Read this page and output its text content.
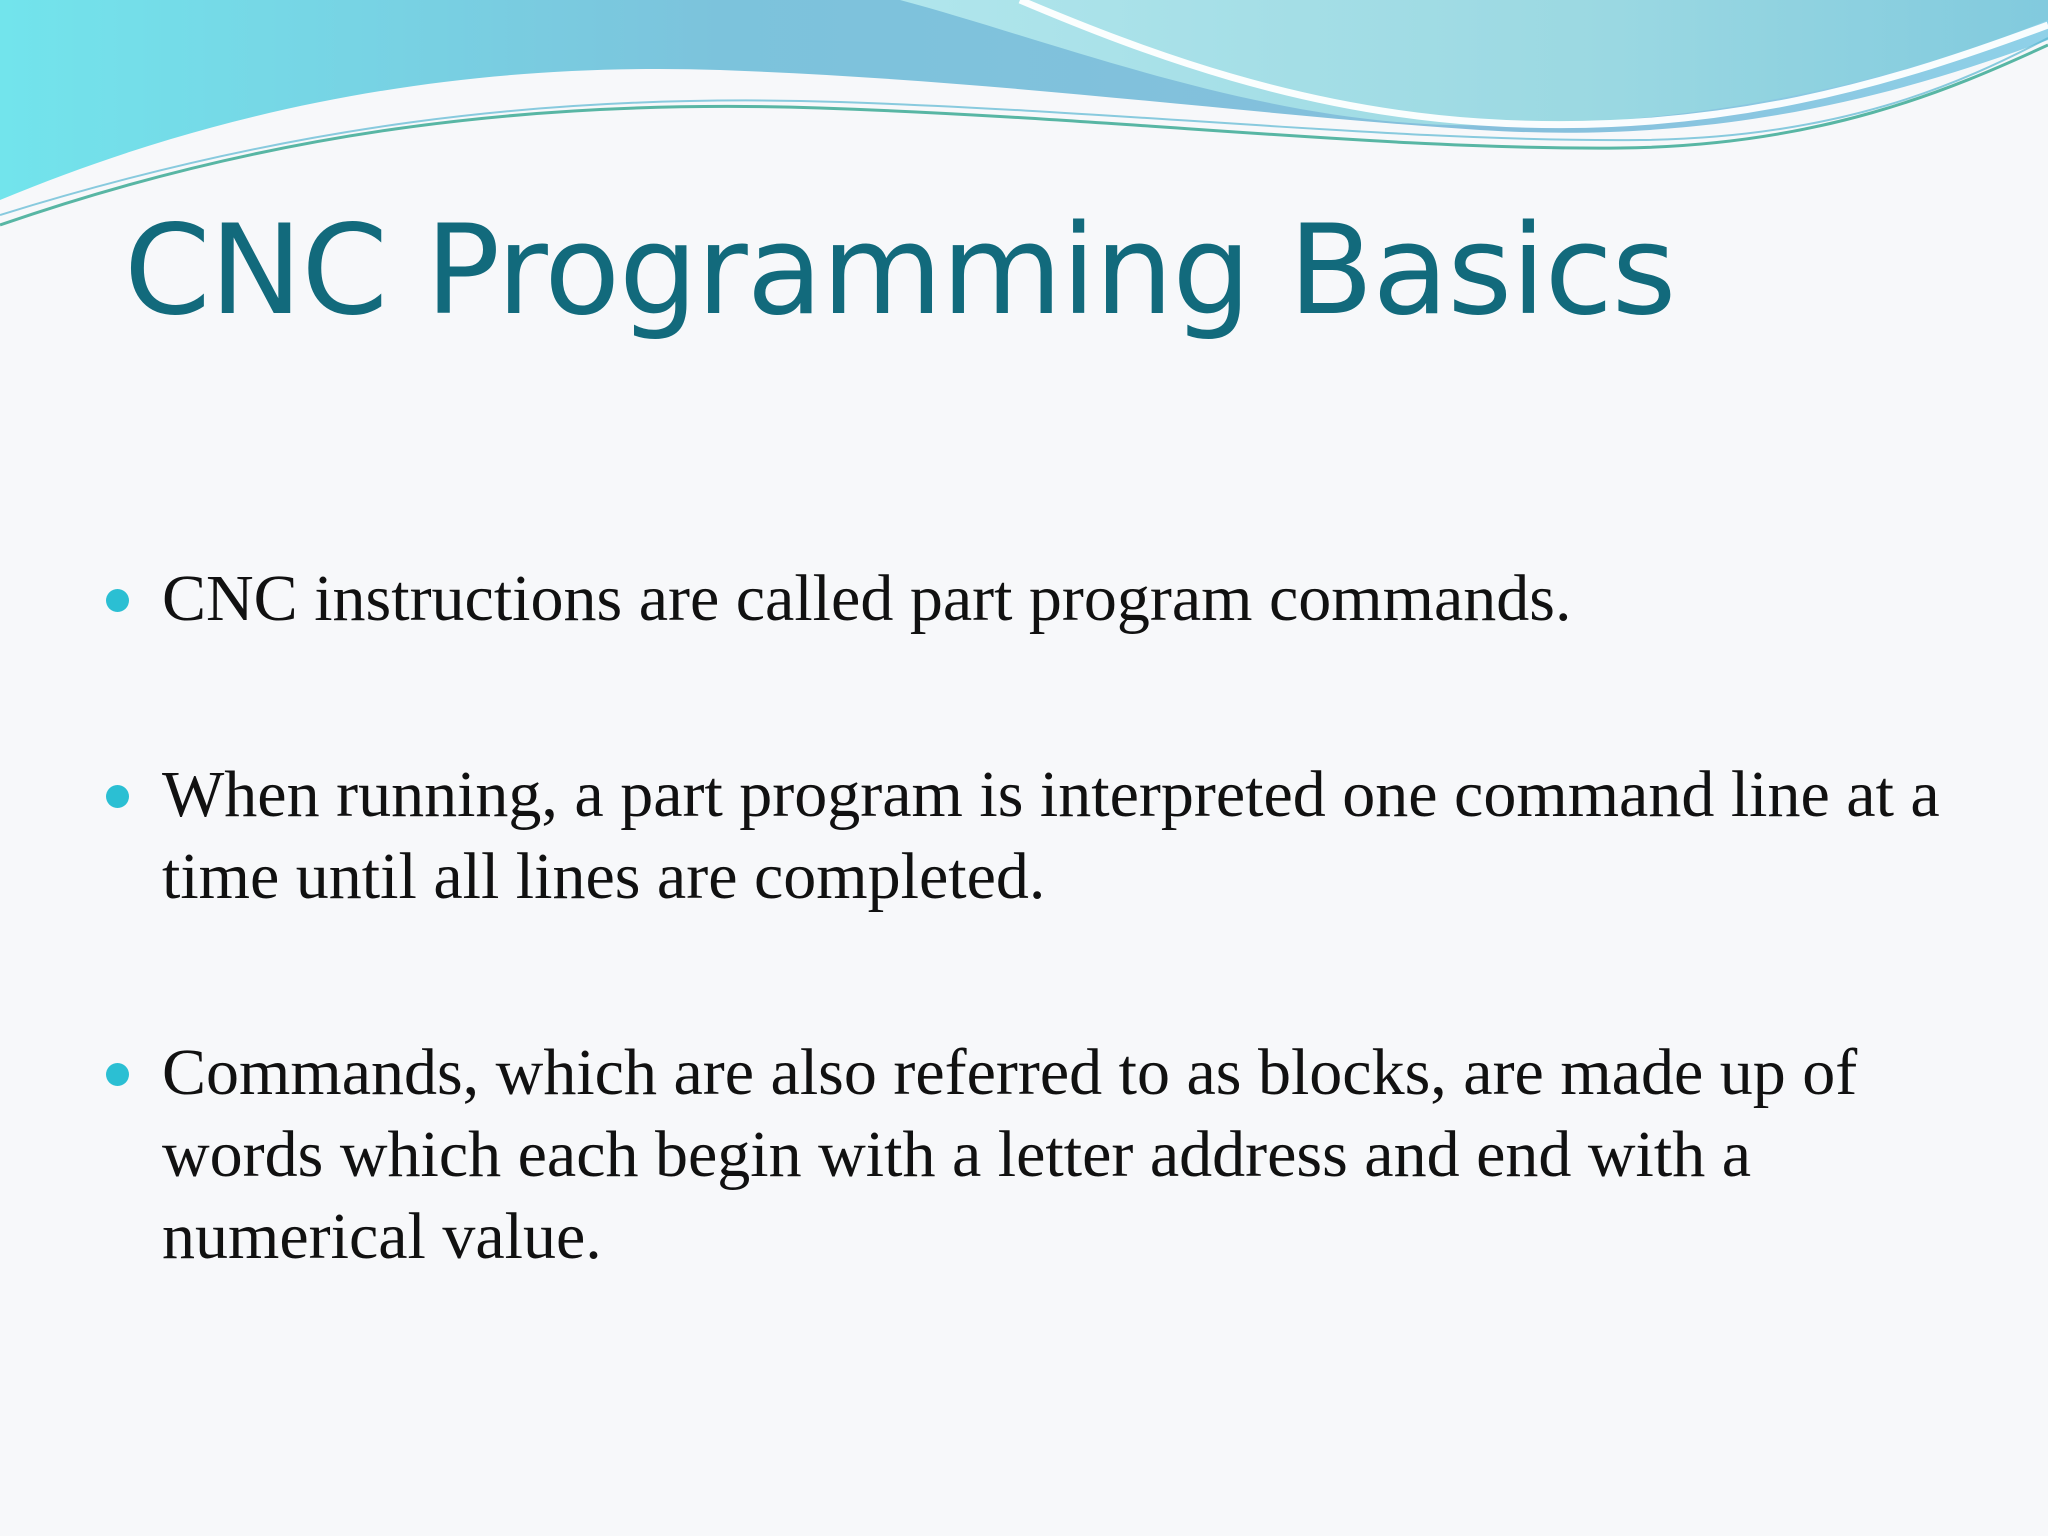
CNC Programming Basics
CNC instructions are called part program commands.
When running, a part program is interpreted one command line at a time until all lines are completed.
Commands, which are also referred to as blocks, are made up of words which each begin with a letter address and end with a numerical value.
